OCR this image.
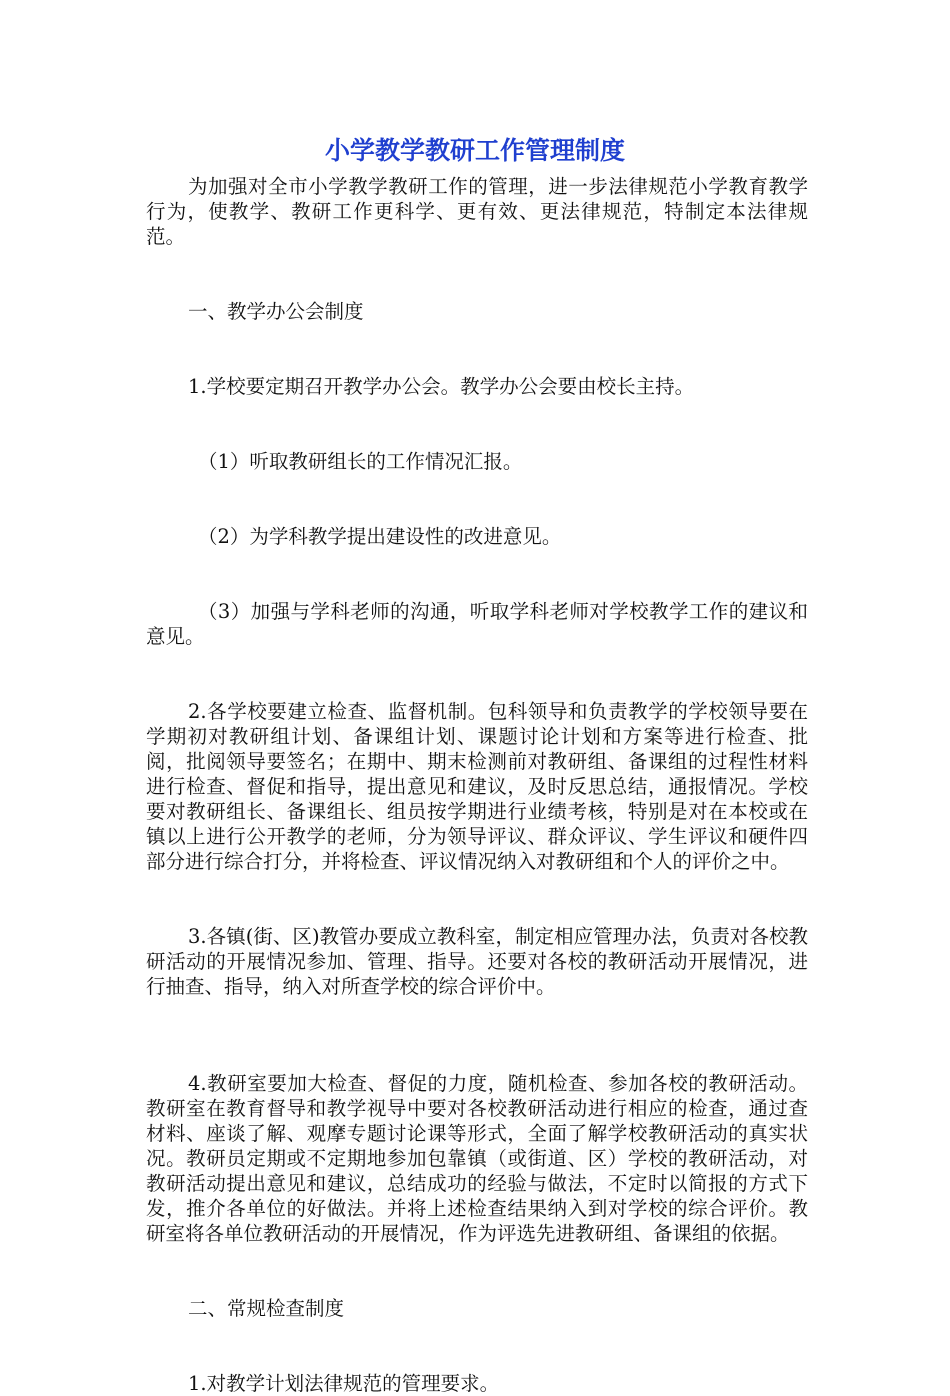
小学教学教研工作管理制度

为加强对全市小学教学教研工作的管理，进一步法律规范小学教育教学行为，使教学、教研工作更科学、更有效、更法律规范，特制定本法律规范。

一、教学办公会制度

1.学校要定期召开教学办公会。教学办公会要由校长主持。

（1）听取教研组长的工作情况汇报。

（2）为学科教学提出建设性的改进意见。

（3）加强与学科老师的沟通，听取学科老师对学校教学工作的建议和意见。

2.各学校要建立检查、监督机制。包科领导和负责教学的学校领导要在学期初对教研组计划、备课组计划、课题讨论计划和方案等进行检查、批阅，批阅领导要签名；在期中、期末检测前对教研组、备课组的过程性材料进行检查、督促和指导，提出意见和建议，及时反思总结，通报情况。学校要对教研组长、备课组长、组员按学期进行业绩考核，特别是对在本校或在镇以上进行公开教学的老师，分为领导评议、群众评议、学生评议和硬件四部分进行综合打分，并将检查、评议情况纳入对教研组和个人的评价之中。

3.各镇(街、区)教管办要成立教科室，制定相应管理办法，负责对各校教研活动的开展情况参加、管理、指导。还要对各校的教研活动开展情况，进行抽查、指导，纳入对所查学校的综合评价中。

4.教研室要加大检查、督促的力度，随机检查、参加各校的教研活动。教研室在教育督导和教学视导中要对各校教研活动进行相应的检查，通过查材料、座谈了解、观摩专题讨论课等形式，全面了解学校教研活动的真实状况。教研员定期或不定期地参加包靠镇（或街道、区）学校的教研活动，对教研活动提出意见和建议，总结成功的经验与做法，不定时以简报的方式下发，推介各单位的好做法。并将上述检查结果纳入到对学校的综合评价。教研室将各单位教研活动的开展情况，作为评选先进教研组、备课组的依据。

二、常规检查制度

1.对教学计划法律规范的管理要求。
